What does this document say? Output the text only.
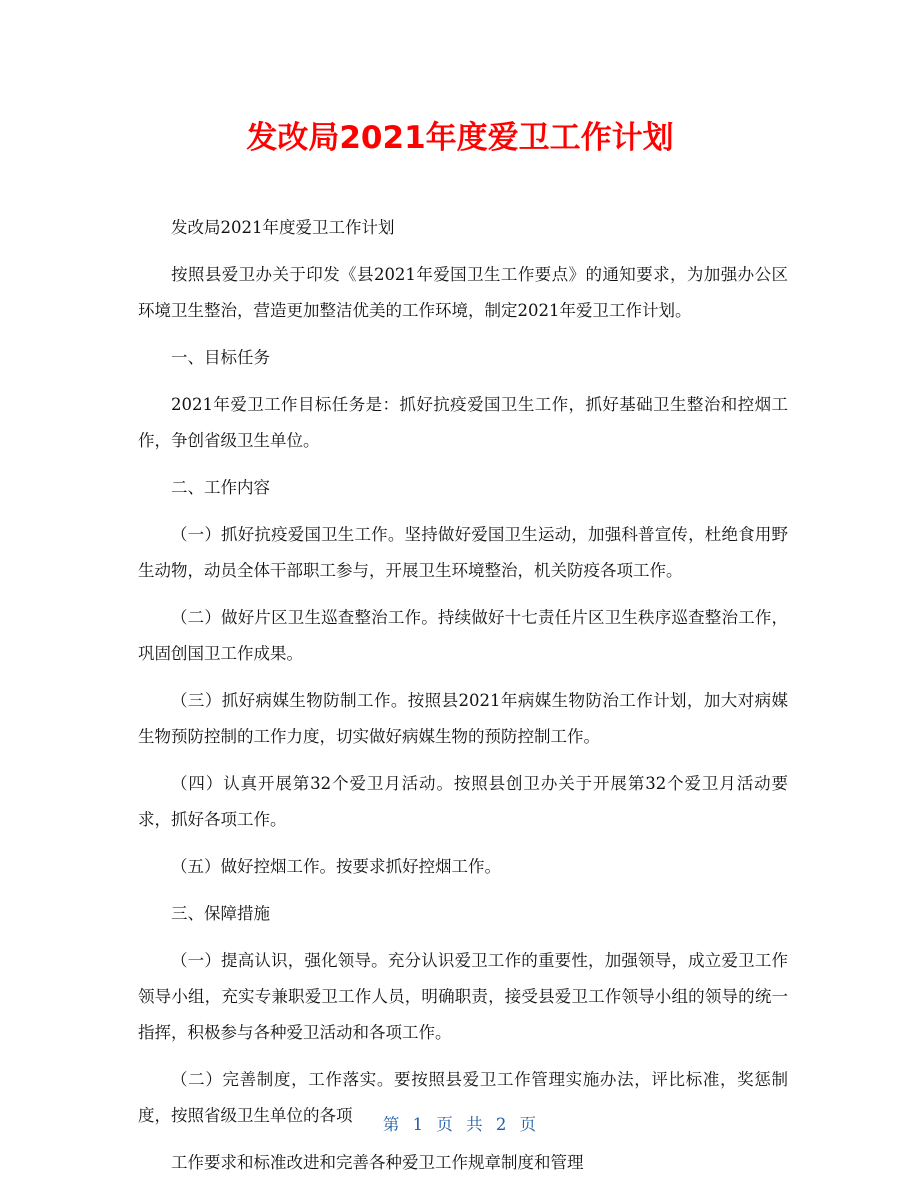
发改局2021年度爱卫工作计划

发改局2021年度爱卫工作计划

按照县爱卫办关于印发《县2021年爱国卫生工作要点》的通知要求，为加强办公区环境卫生整治，营造更加整洁优美的工作环境，制定2021年爱卫工作计划。

一、目标任务

2021年爱卫工作目标任务是：抓好抗疫爱国卫生工作，抓好基础卫生整治和控烟工作，争创省级卫生单位。

二、工作内容

（一）抓好抗疫爱国卫生工作。坚持做好爱国卫生运动，加强科普宣传，杜绝食用野生动物，动员全体干部职工参与，开展卫生环境整治，机关防疫各项工作。

（二）做好片区卫生巡查整治工作。持续做好十七责任片区卫生秩序巡查整治工作，巩固创国卫工作成果。

（三）抓好病媒生物防制工作。按照县2021年病媒生物防治工作计划，加大对病媒生物预防控制的工作力度，切实做好病媒生物的预防控制工作。

（四）认真开展第32个爱卫月活动。按照县创卫办关于开展第32个爱卫月活动要求，抓好各项工作。

（五）做好控烟工作。按要求抓好控烟工作。

三、保障措施

（一）提高认识，强化领导。充分认识爱卫工作的重要性，加强领导，成立爱卫工作领导小组，充实专兼职爱卫工作人员，明确职责，接受县爱卫工作领导小组的领导的统一指挥，积极参与各种爱卫活动和各项工作。

（二）完善制度，工作落实。要按照县爱卫工作管理实施办法，评比标准，奖惩制度，按照省级卫生单位的各项

工作要求和标准改进和完善各种爱卫工作规章制度和管理

第 1 页 共 2 页
